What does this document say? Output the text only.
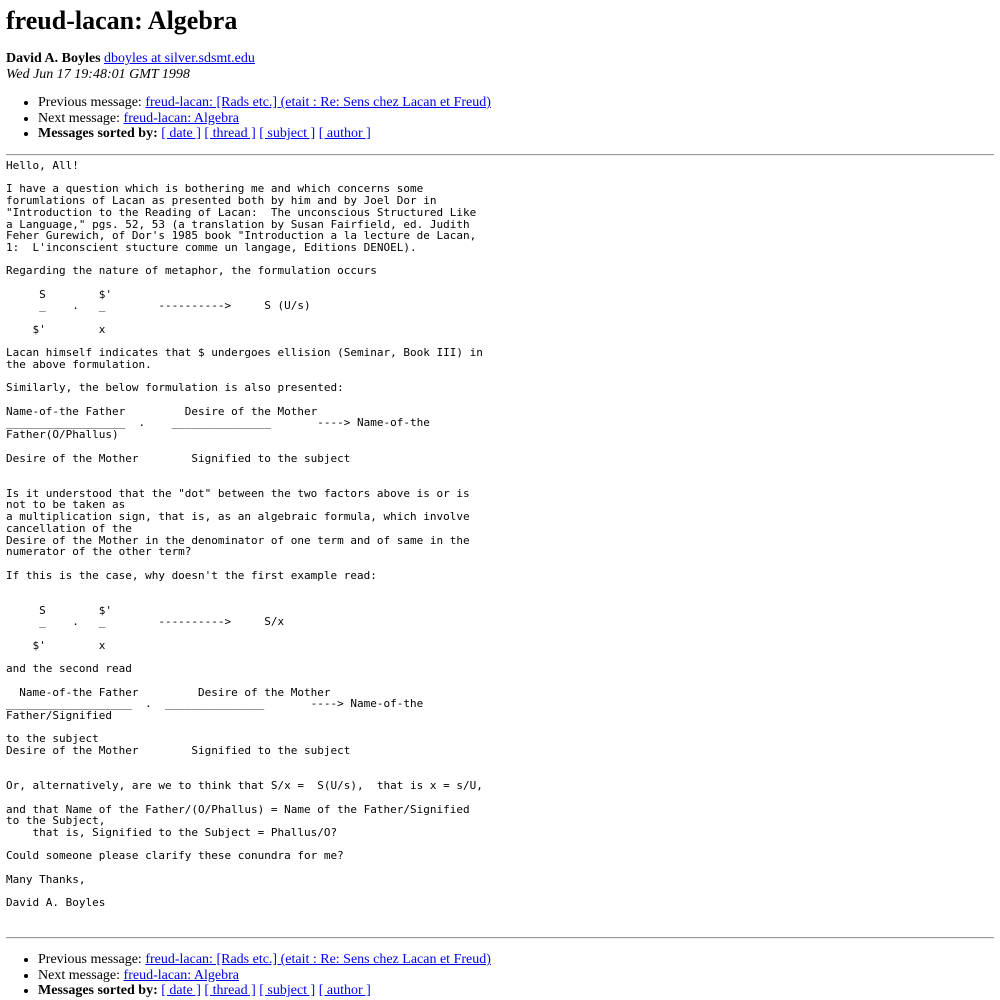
freud-lacan: Algebra
David A. Boyles dboyles at silver.sdsmt.edu
Wed Jun 17 19:48:01 GMT 1998
• Previous message: freud-lacan: [Rads etc.] (etait : Re: Sens chez Lacan et Freud)
• Next message: freud-lacan: Algebra
• Messages sorted by: [ date ] [ thread ] [ subject ] [ author ]
Hello, All!

I have a question which is bothering me and which concerns some
forumlations of Lacan as presented both by him and by Joel Dor in
"Introduction to the Reading of Lacan:  The unconscious Structured Like
a Language," pgs. 52, 53 (a translation by Susan Fairfield, ed. Judith
Feher Gurewich, of Dor's 1985 book "Introduction a la lecture de Lacan,
1:  L'inconscient stucture comme un langage, Editions DENOEL).

Regarding the nature of metaphor, the formulation occurs

S        $'
_    .   _        ---------->     S (U/s)

$'        x

Lacan himself indicates that $ undergoes ellision (Seminar, Book III) in
the above formulation.

Similarly, the below formulation is also presented:

Name-of-the Father         Desire of the Mother
__________________  .    _______________       ----> Name-of-the
Father(O/Phallus)

Desire of the Mother        Signified to the subject

Is it understood that the "dot" between the two factors above is or is
not to be taken as
a multiplication sign, that is, as an algebraic formula, which involve
cancellation of the
Desire of the Mother in the denominator of one term and of same in the
numerator of the other term?

If this is the case, why doesn't the first example read:

S        $'
_    .   _        ---------->     S/x

$'        x

and the second read

Name-of-the Father         Desire of the Mother
___________________  .  _______________       ----> Name-of-the
Father/Signified

to the subject
Desire of the Mother        Signified to the subject

Or, alternatively, are we to think that S/x =  S(U/s),  that is x = s/U,

and that Name of the Father/(O/Phallus) = Name of the Father/Signified
to the Subject,
that is, Signified to the Subject = Phallus/O?

Could someone please clarify these conundra for me?

Many Thanks,

David A. Boyles
• Previous message: freud-lacan: [Rads etc.] (etait : Re: Sens chez Lacan et Freud)
• Next message: freud-lacan: Algebra
• Messages sorted by: [ date ] [ thread ] [ subject ] [ author ]
